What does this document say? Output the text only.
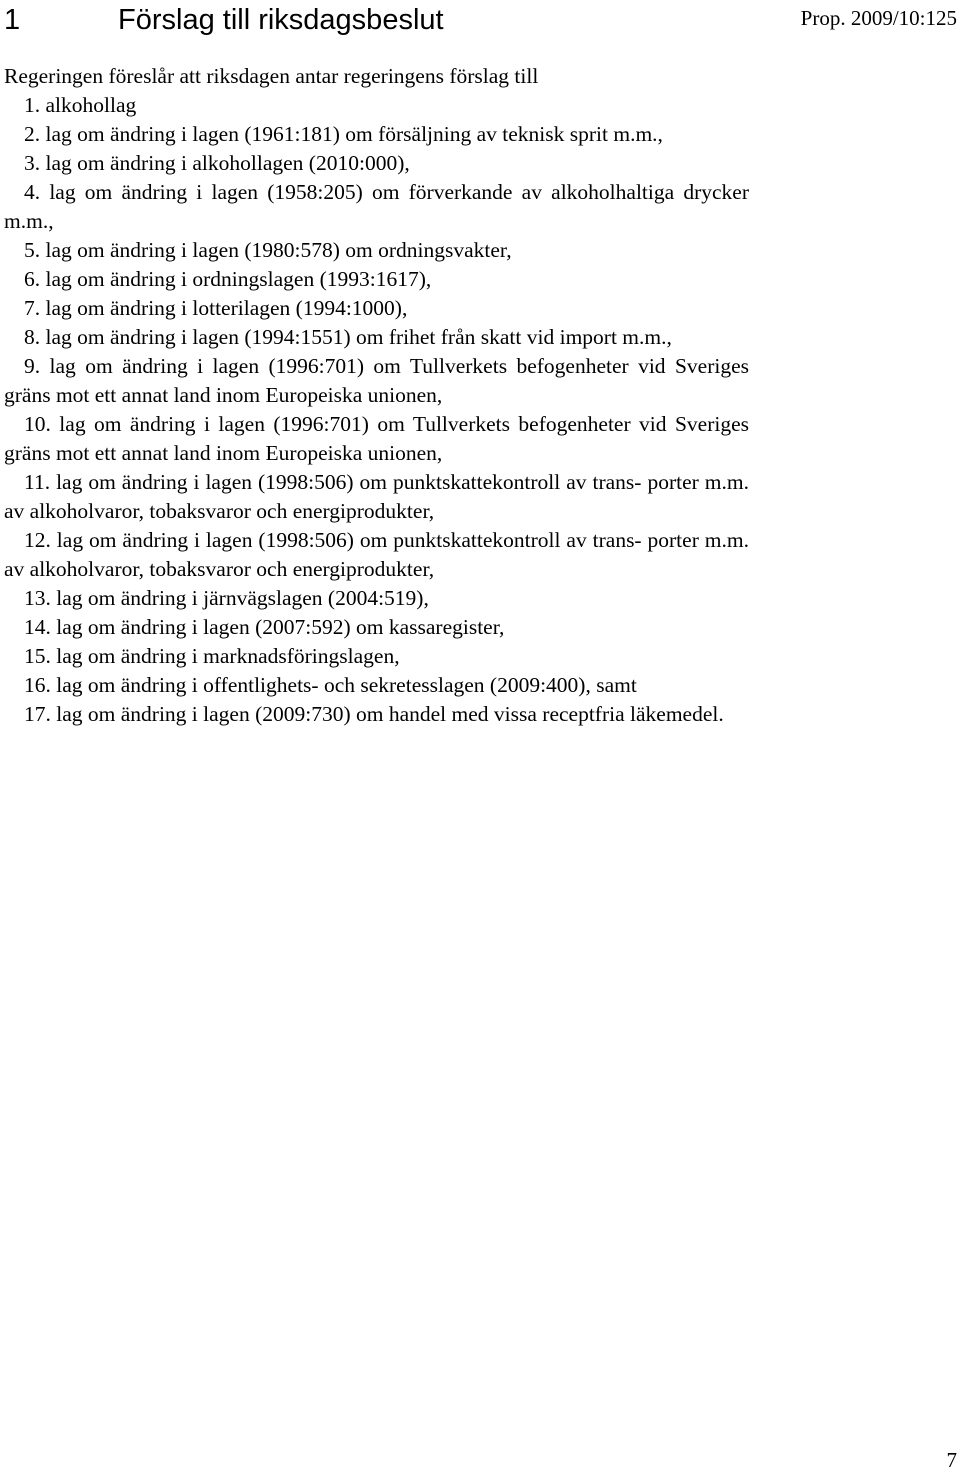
1	Förslag till riksdagsbeslut	Prop. 2009/10:125

Regeringen föreslår att riksdagen antar regeringens förslag till

1. alkohollag

2. lag om ändring i lagen (1961:181) om försäljning av teknisk sprit m.m.,

3. lag om ändring i alkohollagen (2010:000),

4. lag om ändring i lagen (1958:205) om förverkande av alkoholhaltiga drycker m.m.,

5. lag om ändring i lagen (1980:578) om ordningsvakter,

6. lag om ändring i ordningslagen (1993:1617),

7. lag om ändring i lotterilagen (1994:1000),

8. lag om ändring i lagen (1994:1551) om frihet från skatt vid import m.m.,

9. lag om ändring i lagen (1996:701) om Tullverkets befogenheter vid Sveriges gräns mot ett annat land inom Europeiska unionen,

10. lag om ändring i lagen (1996:701) om Tullverkets befogenheter vid Sveriges gräns mot ett annat land inom Europeiska unionen,

11. lag om ändring i lagen (1998:506) om punktskattekontroll av trans- porter m.m. av alkoholvaror, tobaksvaror och energiprodukter,

12. lag om ändring i lagen (1998:506) om punktskattekontroll av trans- porter m.m. av alkoholvaror, tobaksvaror och energiprodukter,

13. lag om ändring i järnvägslagen (2004:519),

14. lag om ändring i lagen (2007:592) om kassaregister,

15. lag om ändring i marknadsföringslagen,

16. lag om ändring i offentlighets- och sekretesslagen (2009:400), samt

17. lag om ändring i lagen (2009:730) om handel med vissa receptfria läkemedel.

7
